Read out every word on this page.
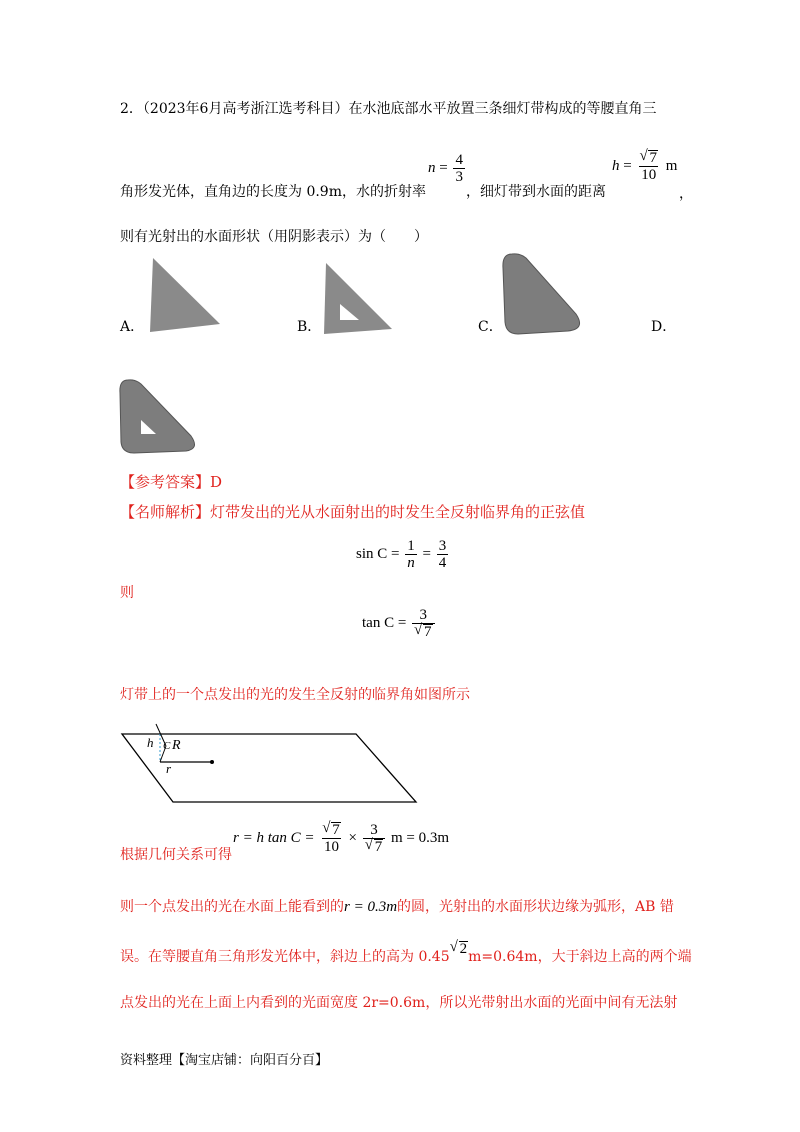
2．（2023年6月高考浙江选考科目）在水池底部水平放置三条细灯带构成的等腰直角三
角形发光体，直角边的长度为 0.9m，水的折射率
$n = \frac{4}{3}$
，细灯带到水面的距离
$h = \frac{√ 7}{10}$ m
，
则有光射出的水面形状（用阴影表示）为（　　）
A．	B．	C．	D．
【参考答案】D
【名师解析】灯带发出的光从水面射出的时发生全反射临界角的正弦值
$\sin C = \frac{1}{n} = \frac{3}{4}$
则
$\tan C = \frac{3}{√ 7}$
灯带上的一个点发出的光的发生全反射的临界角如图所示
h C R
r
根据几何关系可得
r = h $\tan C = \frac{√ 7}{10} \times \frac{3}{√ 7}$ m = 0.3m
则一个点发出的光在水面上能看到的r = 0.3m的圆，光射出的水面形状边缘为弧形，AB 错
误。在等腰直角三角形发光体中，斜边上的高为 0.45
√ 2m=0.64m，大于斜边上高的两个端
点发出的光在上面上内看到的光面宽度 2r=0.6m，所以光带射出水面的光面中间有无法射
资料整理【淘宝店铺：向阳百分百】
